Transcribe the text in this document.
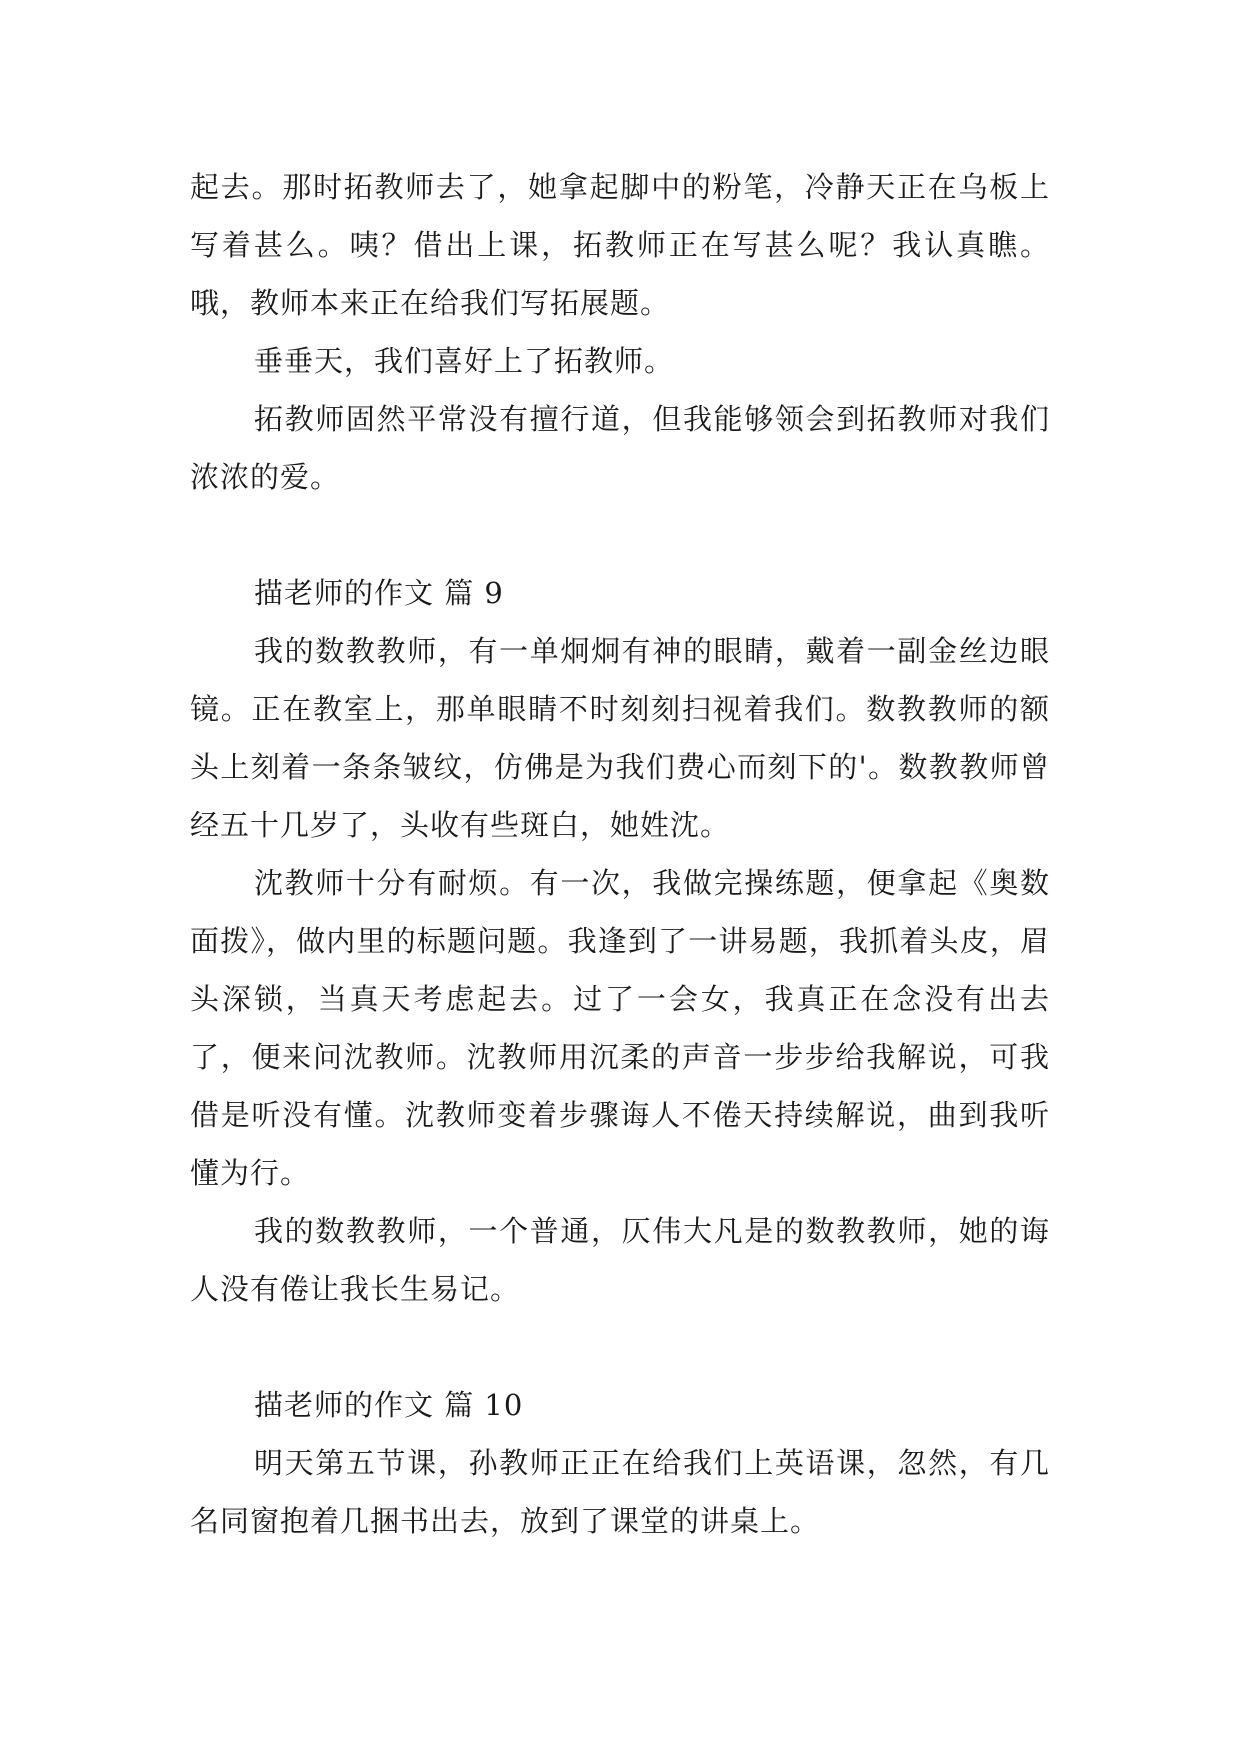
起去。那时拓教师去了，她拿起脚中的粉笔，冷静天正在乌板上写着甚么。咦？借出上课，拓教师正在写甚么呢？我认真瞧。哦，教师本来正在给我们写拓展题。

垂垂天，我们喜好上了拓教师。

拓教师固然平常没有擅行道，但我能够领会到拓教师对我们浓浓的爱。

描老师的作文 篇 9

我的数教教师，有一单炯炯有神的眼睛，戴着一副金丝边眼镜。正在教室上，那单眼睛不时刻刻扫视着我们。数教教师的额头上刻着一条条皱纹，仿佛是为我们费心而刻下的'。数教教师曾经五十几岁了，头收有些斑白，她姓沈。

沈教师十分有耐烦。有一次，我做完操练题，便拿起《奥数面拨》，做内里的标题问题。我逢到了一讲易题，我抓着头皮，眉头深锁，当真天考虑起去。过了一会女，我真正在念没有出去了，便来问沈教师。沈教师用沉柔的声音一步步给我解说，可我借是听没有懂。沈教师变着步骤诲人不倦天持续解说，曲到我听懂为行。

我的数教教师，一个普通，仄伟大凡是的数教教师，她的诲人没有倦让我长生易记。

描老师的作文 篇 10

明天第五节课，孙教师正正在给我们上英语课，忽然，有几名同窗抱着几捆书出去，放到了课堂的讲桌上。
